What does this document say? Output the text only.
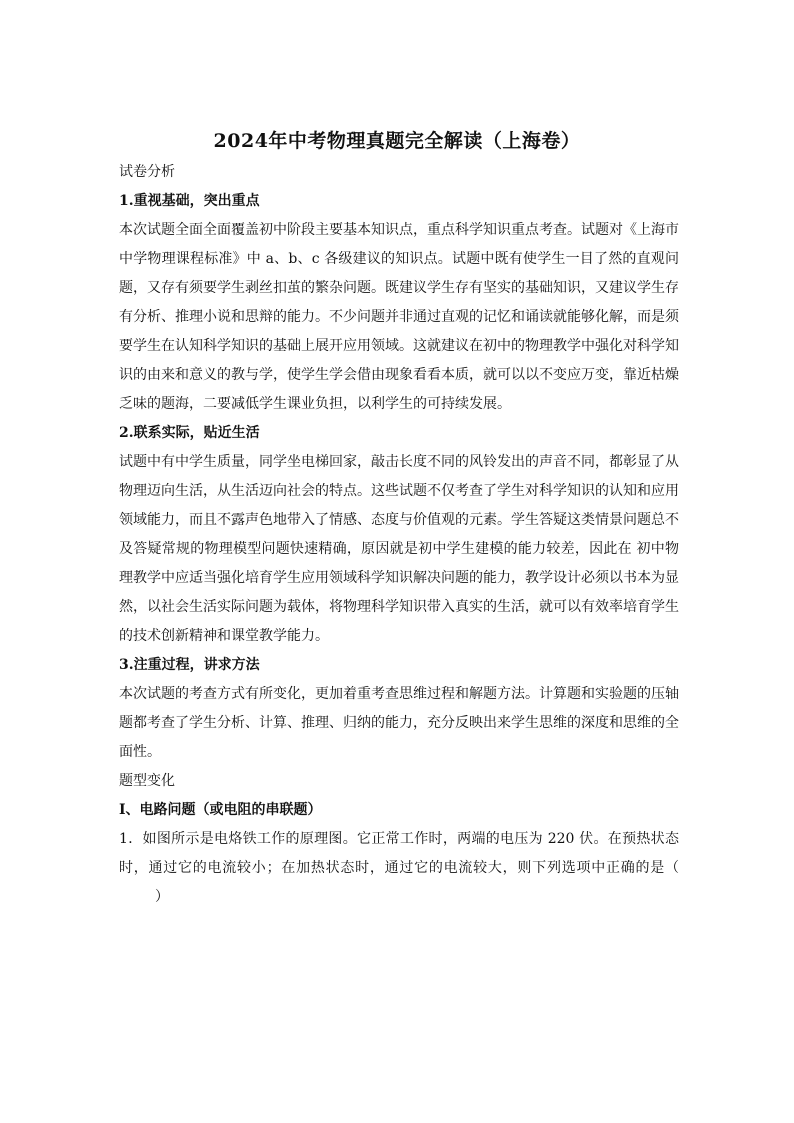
2024年中考物理真题完全解读（上海卷）

试卷分析

1.重视基础，突出重点

本次试题全面全面覆盖初中阶段主要基本知识点，重点科学知识重点考查。试题对《上海市中学物理课程标准》中 a、b、c 各级建议的知识点。试题中既有使学生一目了然的直观问题，又存有须要学生剥丝扣茧的繁杂问题。既建议学生存有坚实的基础知识，又建议学生存有分析、推理小说和思辩的能力。不少问题并非通过直观的记忆和诵读就能够化解，而是须要学生在认知科学知识的基础上展开应用领域。这就建议在初中的物理教学中强化对科学知识的由来和意义的教与学，使学生学会借由现象看看本质，就可以以不变应万变，靠近枯燥乏味的题海，二要减低学生课业负担，以利学生的可持续发展。

2.联系实际，贴近生活

试题中有中学生质量，同学坐电梯回家，敲击长度不同的风铃发出的声音不同，都彰显了从物理迈向生活，从生活迈向社会的特点。这些试题不仅考查了学生对科学知识的认知和应用领域能力，而且不露声色地带入了情感、态度与价值观的元素。学生答疑这类情景问题总不及答疑常规的物理模型问题快速精确，原因就是初中学生建模的能力较差，因此在 初中物理教学中应适当强化培育学生应用领域科学知识解决问题的能力，教学设计必须以书本为显然，以社会生活实际问题为载体，将物理科学知识带入真实的生活，就可以有效率培育学生的技术创新精神和课堂教学能力。

3.注重过程，讲求方法

本次试题的考查方式有所变化，更加着重考查思维过程和解题方法。计算题和实验题的压轴题都考查了学生分析、计算、推理、归纳的能力，充分反映出来学生思维的深度和思维的全面性。

题型变化

Ⅰ、电路问题（或电阻的串联题）

1．如图所示是电烙铁工作的原理图。它正常工作时，两端的电压为 220 伏。在预热状态时，通过它的电流较小；在加热状态时，通过它的电流较大，则下列选项中正确的是（）
